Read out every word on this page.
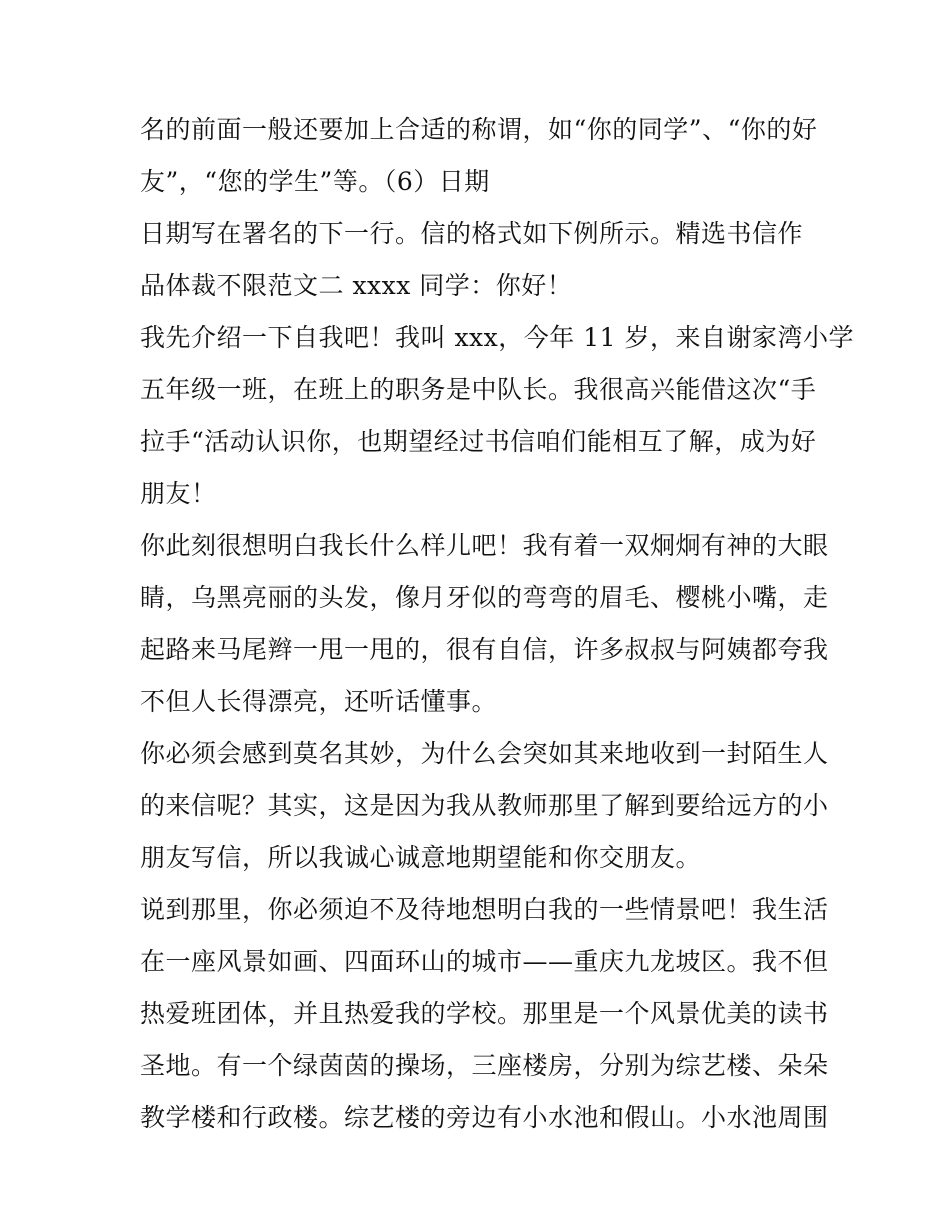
名的前面一般还要加上合适的称谓，如“你的同学”、“你的好
友”，“您的学生”等。（6）日期

日期写在署名的下一行。信的格式如下例所示。精选书信作
品体裁不限范文二 xxxx 同学：你好！

我先介绍一下自我吧！我叫 xxx，今年 11 岁，来自谢家湾小学
五年级一班，在班上的职务是中队长。我很高兴能借这次“手
拉手“活动认识你，也期望经过书信咱们能相互了解，成为好
朋友！

你此刻很想明白我长什么样儿吧！我有着一双炯炯有神的大眼
睛，乌黑亮丽的头发，像月牙似的弯弯的眉毛、樱桃小嘴，走
起路来马尾辫一甩一甩的，很有自信，许多叔叔与阿姨都夸我
不但人长得漂亮，还听话懂事。

你必须会感到莫名其妙，为什么会突如其来地收到一封陌生人
的来信呢？其实，这是因为我从教师那里了解到要给远方的小
朋友写信，所以我诚心诚意地期望能和你交朋友。

说到那里，你必须迫不及待地想明白我的一些情景吧！我生活
在一座风景如画、四面环山的城市——重庆九龙坡区。我不但
热爱班团体，并且热爱我的学校。那里是一个风景优美的读书
圣地。有一个绿茵茵的操场，三座楼房，分别为综艺楼、朵朵
教学楼和行政楼。综艺楼的旁边有小水池和假山。小水池周围
